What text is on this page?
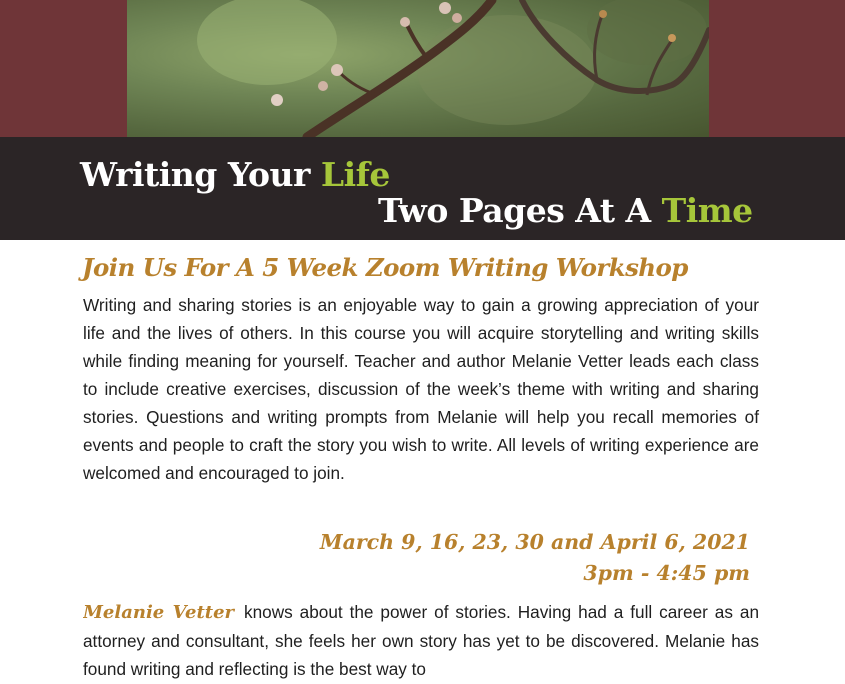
Writing Your Life
Two Pages At A Time
Join Us For A 5 Week Zoom Writing Workshop

Writing and sharing stories is an enjoyable way to gain a growing appreciation of your life and the lives of others. In this course you will acquire storytelling and writing skills while finding meaning for yourself. Teacher and author Melanie Vetter leads each class to include creative exercises, discussion of the week’s theme with writing and sharing stories. Questions and writing prompts from Melanie will help you recall memories of events and people to craft the story you wish to write. All levels of writing experience are welcomed and encouraged to join.

March 9, 16, 23, 30 and April 6, 2021
3pm - 4:45 pm

Melanie Vetter knows about the power of stories. Having had a full career as an attorney and consultant, she feels her own story has yet to be discovered. Melanie has found writing and reflecting is the best way to
